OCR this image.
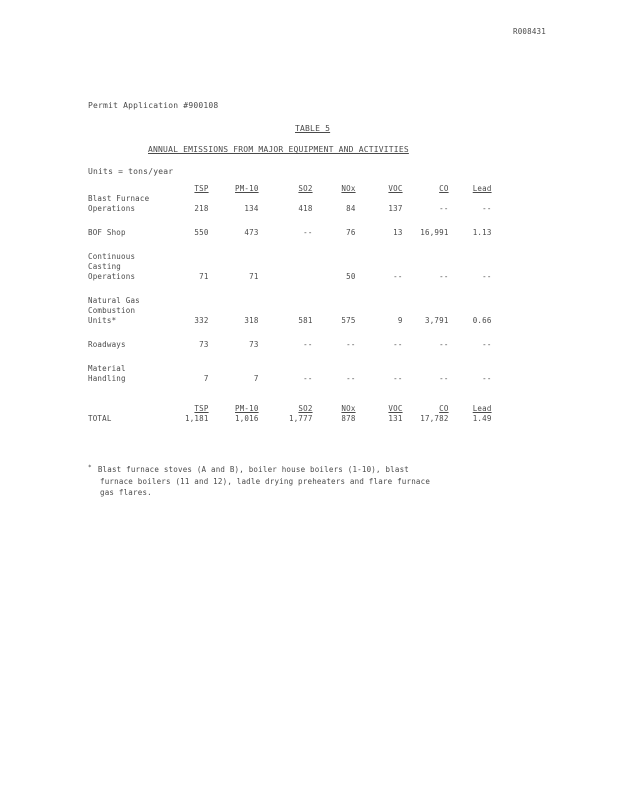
R008431
Permit Application #900108
TABLE 5
ANNUAL EMISSIONS FROM MAJOR EQUIPMENT AND ACTIVITIES
Units = tons/year
	TSP	PM-10	SO2	NOx	VOC	CO	Lead
Blast Furnace
Operations	218	134	418	84	137	--	--

BOF Shop	550	473	--	76	13	16,991	1.13

Continuous
Casting
Operations	71	71		50	--	--	--

Natural Gas
Combustion
Units*	332	318	581	575	9	3,791	0.66

Roadways	73	73	--	--	--	--	--

Material
Handling	7	7	--	--	--	--	--

	TSP	PM-10	SO2	NOx	VOC	CO	Lead
TOTAL	1,181	1,016	1,777	878	131	17,782	1.49
* Blast furnace stoves (A and B), boiler house boilers (1-10), blast
furnace boilers (11 and 12), ladle drying preheaters and flare furnace
gas flares.
